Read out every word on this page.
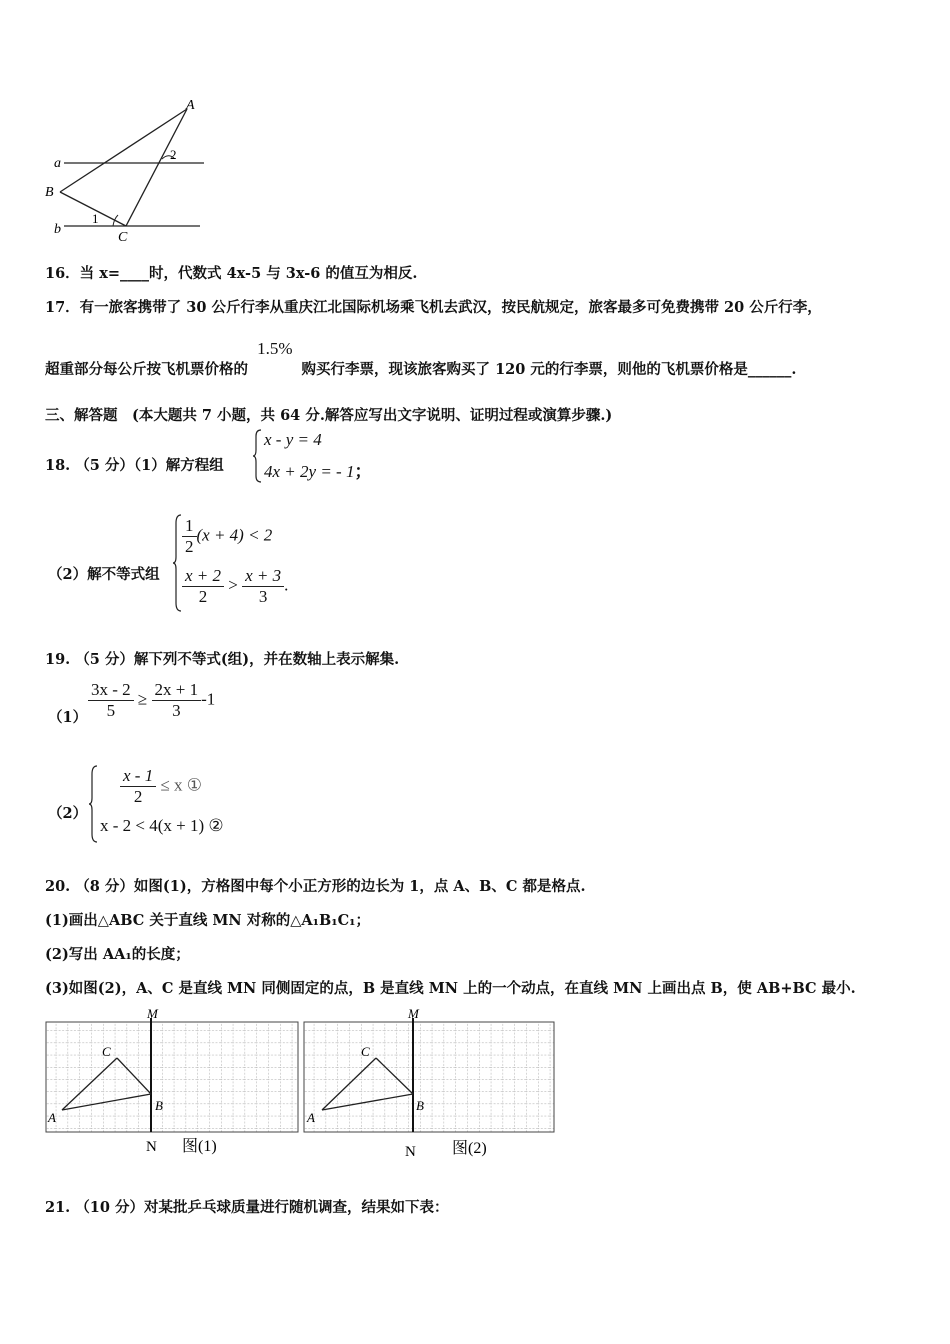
a
b
A
B
C
1
2
16．当 x=____时，代数式 4x-5 与 3x-6 的值互为相反.
17．有一旅客携带了 30 公斤行李从重庆江北国际机场乘飞机去武汉，按民航规定，旅客最多可免费携带 20 公斤行李，
超重部分每公斤按飞机票价格的 1.5% 购买行李票，现该旅客购买了 120 元的行李票，则他的飞机票价格是______.
三、解答题　(本大题共 7 小题，共 64 分.解答应写出文字说明、证明过程或演算步骤.)
18. （5 分）（1）解方程组
x - y = 4
4x + 2y = - 1；
（2）解不等式组
$\frac{1}{2} (x + 4) < 2$
$\frac{x + 2}{2} > \frac{x + 3}{3}$ .
19. （5 分）解下列不等式(组)，并在数轴上表示解集.
$(1) \frac{3x - 2}{5} \ge \frac{2x + 1}{3} -1$
（2）
$\frac{x - 1}{2} \le x$ ①
x - 2 < 4(x + 1) ②
20. （8 分）如图(1)，方格图中每个小正方形的边长为 1，点 A、B、C 都是格点.
(1)画出△ABC 关于直线 MN 对称的△A₁B₁C₁；
(2)写出 AA₁的长度；
(3)如图(2)，A、C 是直线 MN 同侧固定的点，B 是直线 MN 上的一个动点，在直线 MN 上画出点 B，使 AB+BC 最小.
M
C
B
A
N 图(1)
M
C
B
A
N 图(2)
21. （10 分）对某批乒乓球质量进行随机调查，结果如下表：
